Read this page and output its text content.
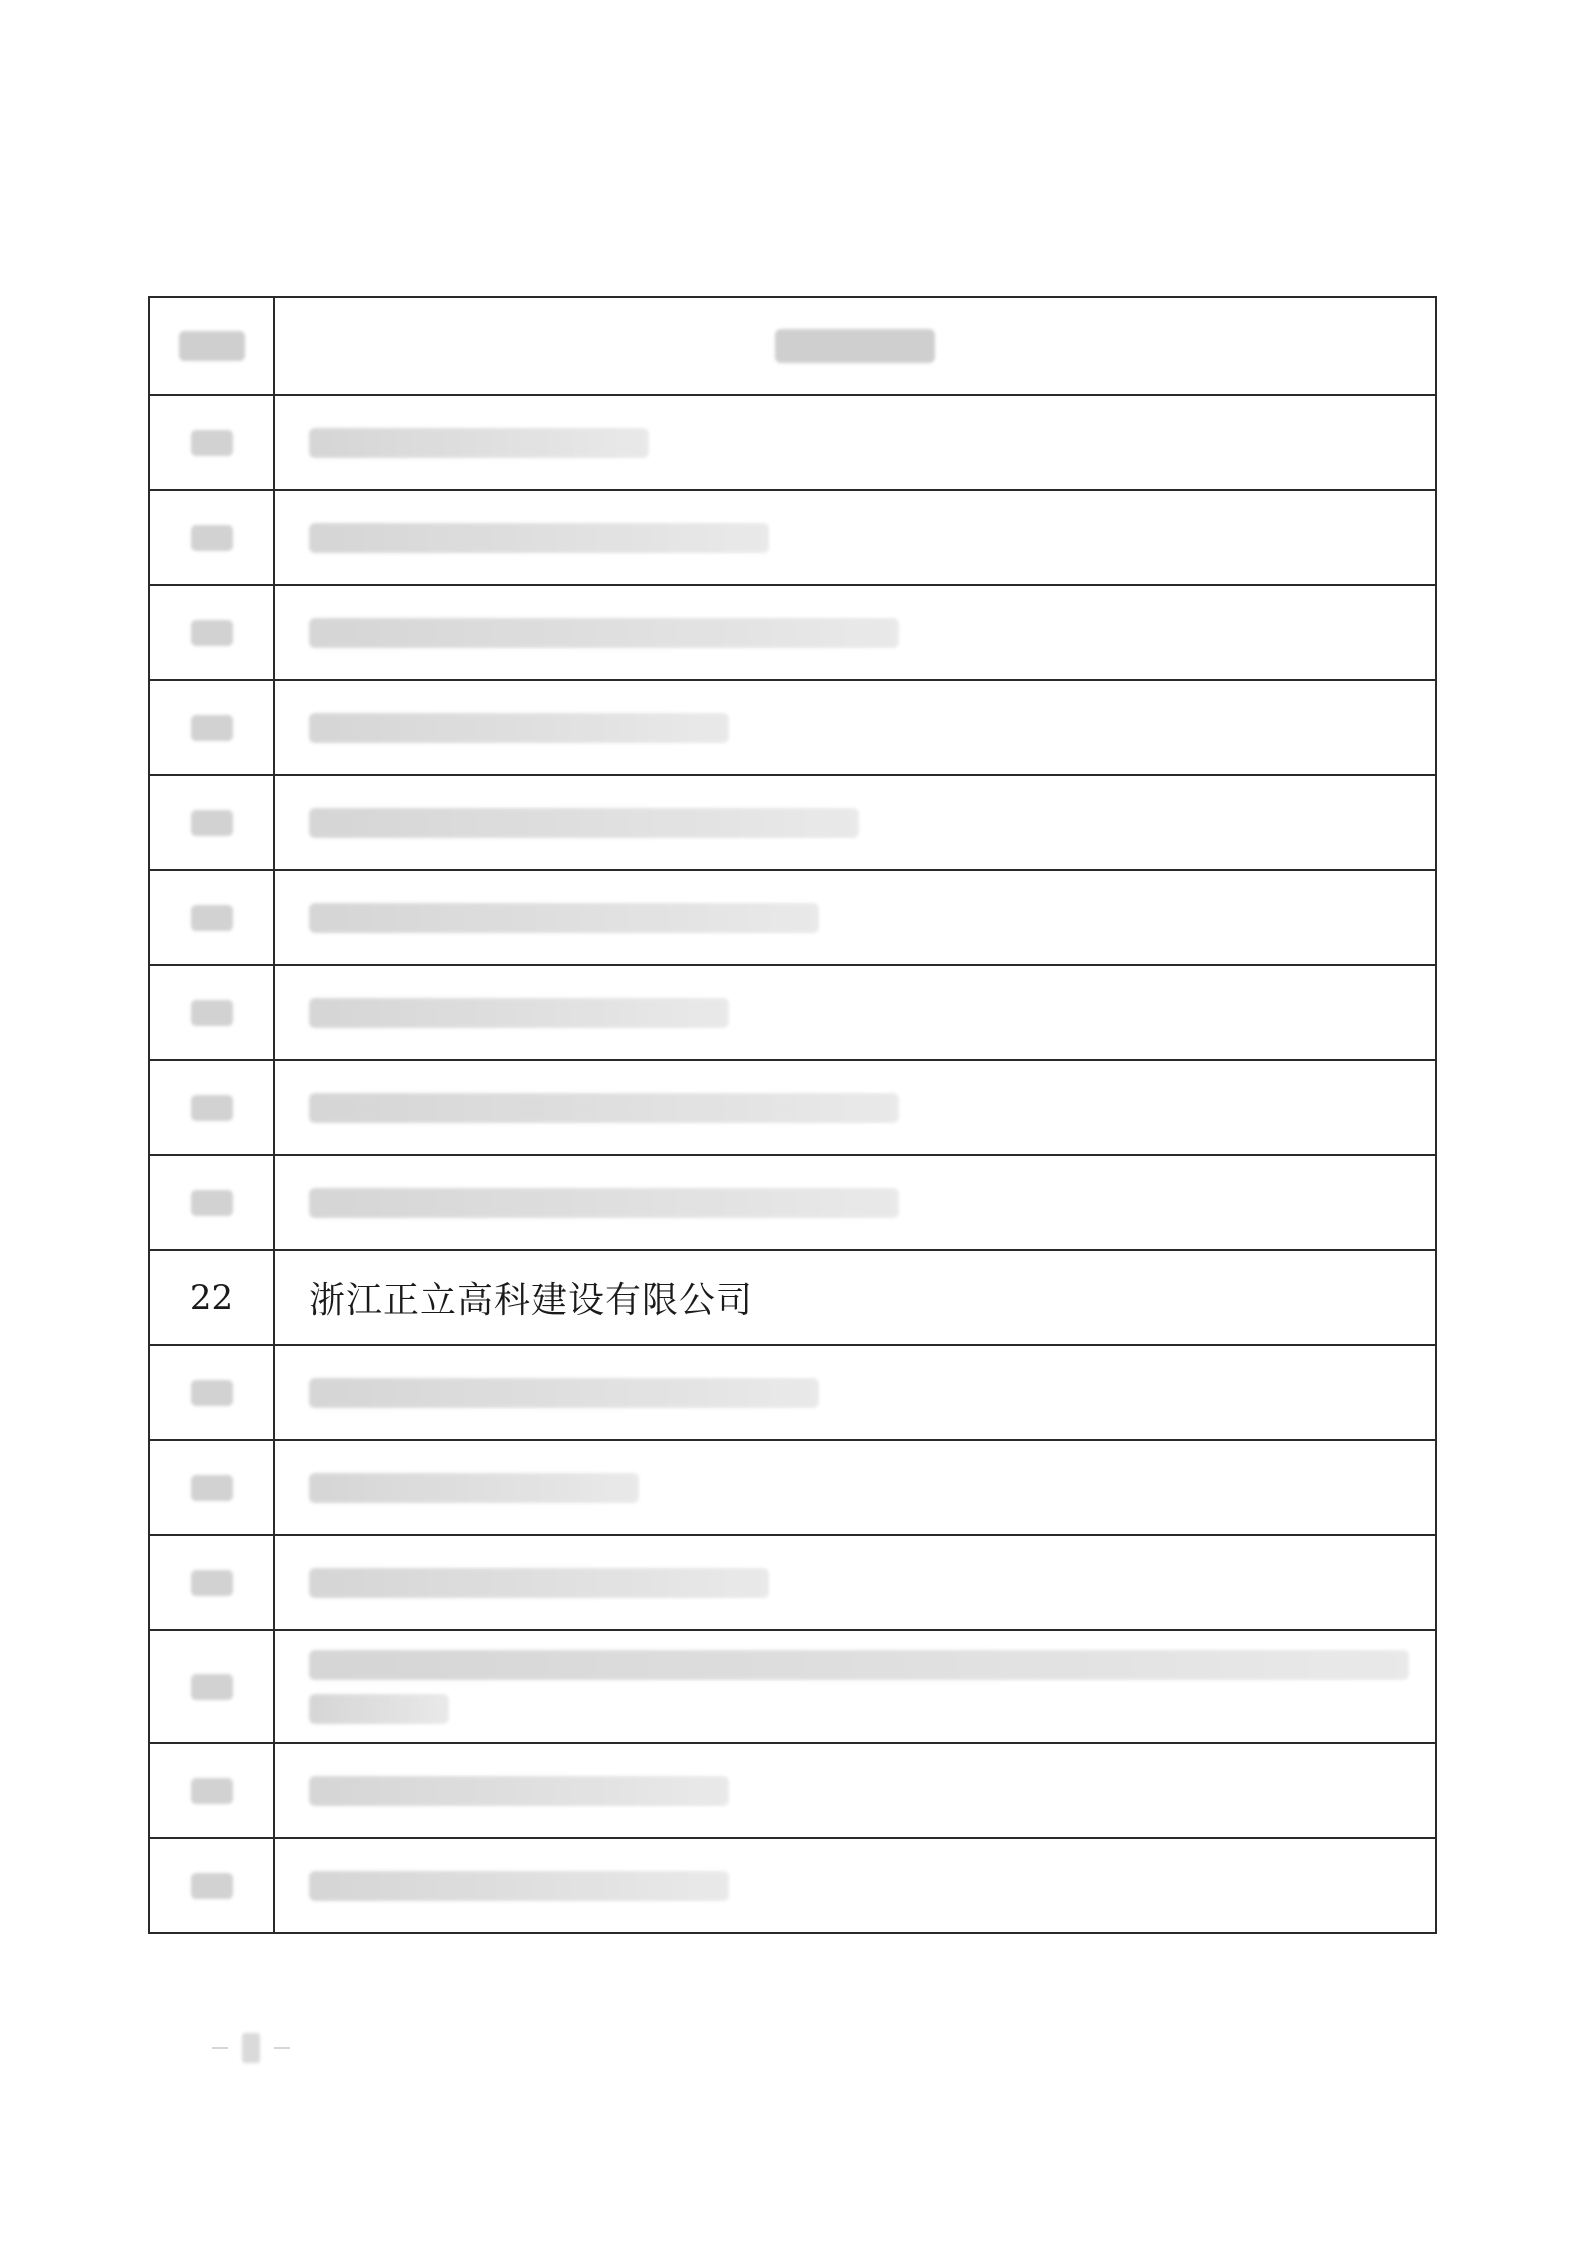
22	浙江正立高科建设有限公司
